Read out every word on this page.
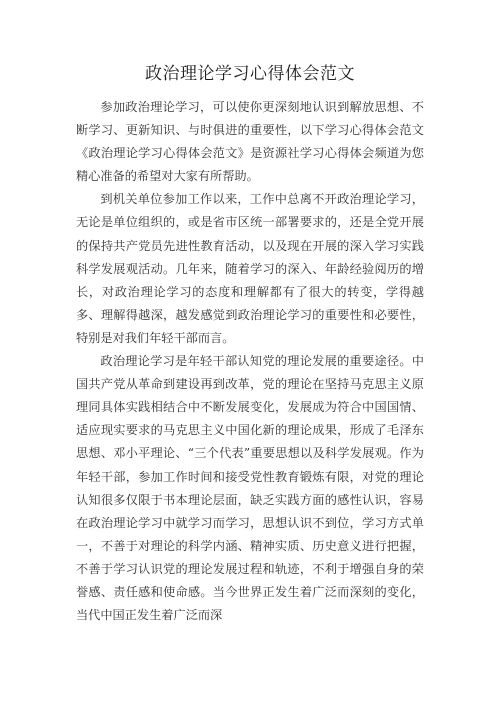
政治理论学习心得体会范文

参加政治理论学习，可以使你更深刻地认识到解放思想、不断学习、更新知识、与时俱进的重要性，以下学习心得体会范文《政治理论学习心得体会范文》是资源社学习心得体会频道为您精心准备的希望对大家有所帮助。

到机关单位参加工作以来，工作中总离不开政治理论学习，无论是单位组织的，或是省市区统一部署要求的，还是全党开展的保持共产党员先进性教育活动，以及现在开展的深入学习实践科学发展观活动。几年来，随着学习的深入、年龄经验阅历的增长，对政治理论学习的态度和理解都有了很大的转变，学得越多、理解得越深，越发感觉到政治理论学习的重要性和必要性，特别是对我们年轻干部而言。

政治理论学习是年轻干部认知党的理论发展的重要途径。中国共产党从革命到建设再到改革，党的理论在坚持马克思主义原理同具体实践相结合中不断发展变化，发展成为符合中国国情、适应现实要求的马克思主义中国化新的理论成果，形成了毛泽东思想、邓小平理论、“三个代表”重要思想以及科学发展观。作为年轻干部，参加工作时间和接受党性教育锻炼有限，对党的理论认知很多仅限于书本理论层面，缺乏实践方面的感性认识，容易在政治理论学习中就学习而学习，思想认识不到位，学习方式单一，不善于对理论的科学内涵、精神实质、历史意义进行把握，不善于学习认识党的理论发展过程和轨迹，不利于增强自身的荣誉感、责任感和使命感。当今世界正发生着广泛而深刻的变化，当代中国正发生着广泛而深
